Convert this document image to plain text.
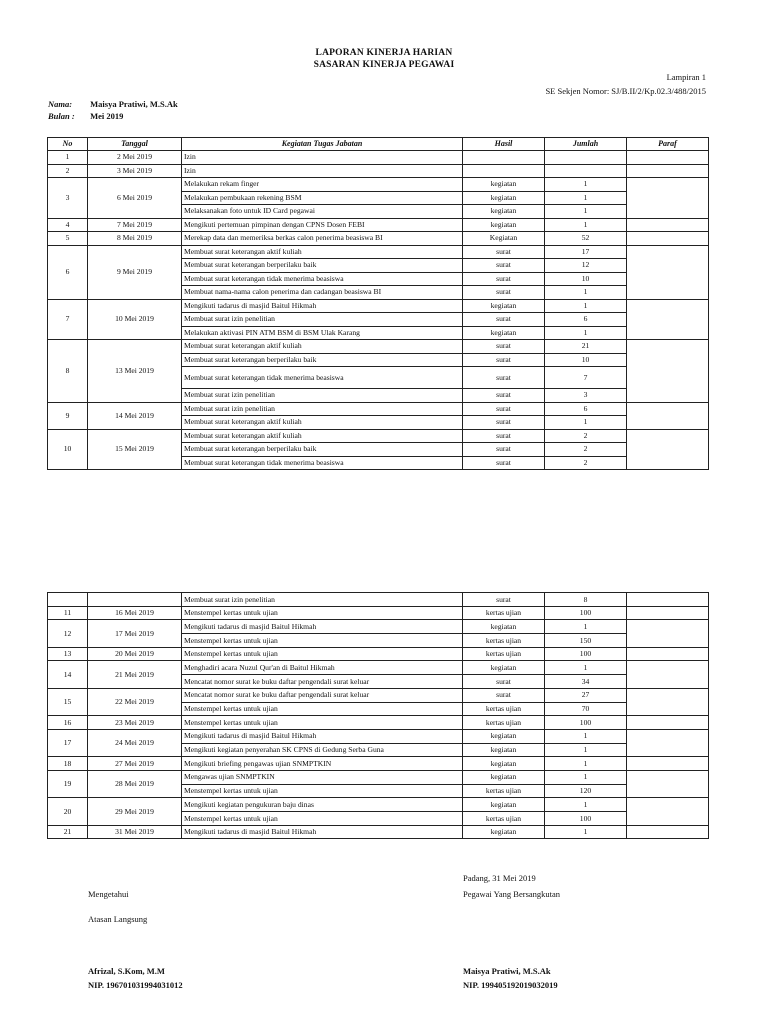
LAPORAN KINERJA HARIAN
SASARAN KINERJA PEGAWAI
Lampiran 1
SE Sekjen Nomor: SJ/B.II/2/Kp.02.3/488/2015
Nama: Maisya Pratiwi, M.S.Ak
Bulan : Mei 2019
No	Tanggal	Kegiatan Tugas Jabatan	Hasil	Jumlah	Paraf
1	2 Mei 2019	Izin			
2	3 Mei 2019	Izin			
3	6 Mei 2019	Melakukan rekam finger	kegiatan	1	
		Melakukan pembukaan rekening BSM	kegiatan	1	
		Melaksanakan foto untuk ID Card pegawai	kegiatan	1	
4	7 Mei 2019	Mengikuti pertemuan pimpinan dengan CPNS Dosen FEBI	kegiatan	1	
5	8 Mei 2019	Merekap data dan memeriksa berkas calon penerima beasiswa BI	Kegiatan	52	
6	9 Mei 2019	Membuat surat keterangan aktif kuliah	surat	17	
		Membuat surat keterangan berperilaku baik	surat	12	
		Membuat surat keterangan tidak menerima beasiswa	surat	10	
		Membuat nama-nama calon penerima dan cadangan beasiswa BI	surat	1	
7	10 Mei 2019	Mengikuti tadarus di masjid Baitul Hikmah	kegiatan	1	
		Membuat surat izin penelitian	surat	6	
		Melakukan aktivasi PIN ATM BSM di BSM Ulak Karang	kegiatan	1	
8	13 Mei 2019	Membuat surat keterangan aktif kuliah	surat	21	
		Membuat surat keterangan berperilaku baik	surat	10	
		Membuat surat keterangan tidak menerima beasiswa	surat	7	
		Membuat surat izin penelitian	surat	3	
9	14 Mei 2019	Membuat surat izin penelitian	surat	6	
		Membuat surat keterangan aktif kuliah	surat	1	
10	15 Mei 2019	Membuat surat keterangan aktif kuliah	surat	2	
		Membuat surat keterangan berperilaku baik	surat	2	
		Membuat surat keterangan tidak menerima beasiswa	surat	2	
		Membuat surat izin penelitian	surat	8	
11	16 Mei 2019	Menstempel kertas untuk ujian	kertas ujian	100	
12	17 Mei 2019	Mengikuti tadarus di masjid Baitul Hikmah	kegiatan	1	
		Menstempel kertas untuk ujian	kertas ujian	150	
13	20 Mei 2019	Menstempel kertas untuk ujian	kertas ujian	100	
14	21 Mei 2019	Menghadiri acara Nuzul Qur'an di Baitul Hikmah	kegiatan	1	
		Mencatat nomor surat ke buku daftar pengendali surat keluar	surat	34	
15	22 Mei 2019	Mencatat nomor surat ke buku daftar pengendali surat keluar	surat	27	
		Menstempel kertas untuk ujian	kertas ujian	70	
16	23 Mei 2019	Menstempel kertas untuk ujian	kertas ujian	100	
17	24 Mei 2019	Mengikuti tadarus di masjid Baitul Hikmah	kegiatan	1	
		Mengikuti kegiatan penyerahan SK CPNS di Gedung Serba Guna	kegiatan	1	
18	27 Mei 2019	Mengikuti briefing pengawas ujian SNMPTKIN	kegiatan	1	
19	28 Mei 2019	Mengawas ujian SNMPTKIN	kegiatan	1	
		Menstempel kertas untuk ujian	kertas ujian	120	
20	29 Mei 2019	Mengikuti kegiatan pengukuran baju dinas	kegiatan	1	
		Menstempel kertas untuk ujian	kertas ujian	100	
21	31 Mei 2019	Mengikuti tadarus di masjid Baitul Hikmah	kegiatan	1	
Padang, 31 Mei 2019
Pegawai Yang Bersangkutan
Mengetahui
Atasan Langsung
Afrizal, S.Kom, M.M
NIP. 196701031994031012
Maisya Pratiwi, M.S.Ak
NIP. 199405192019032019
